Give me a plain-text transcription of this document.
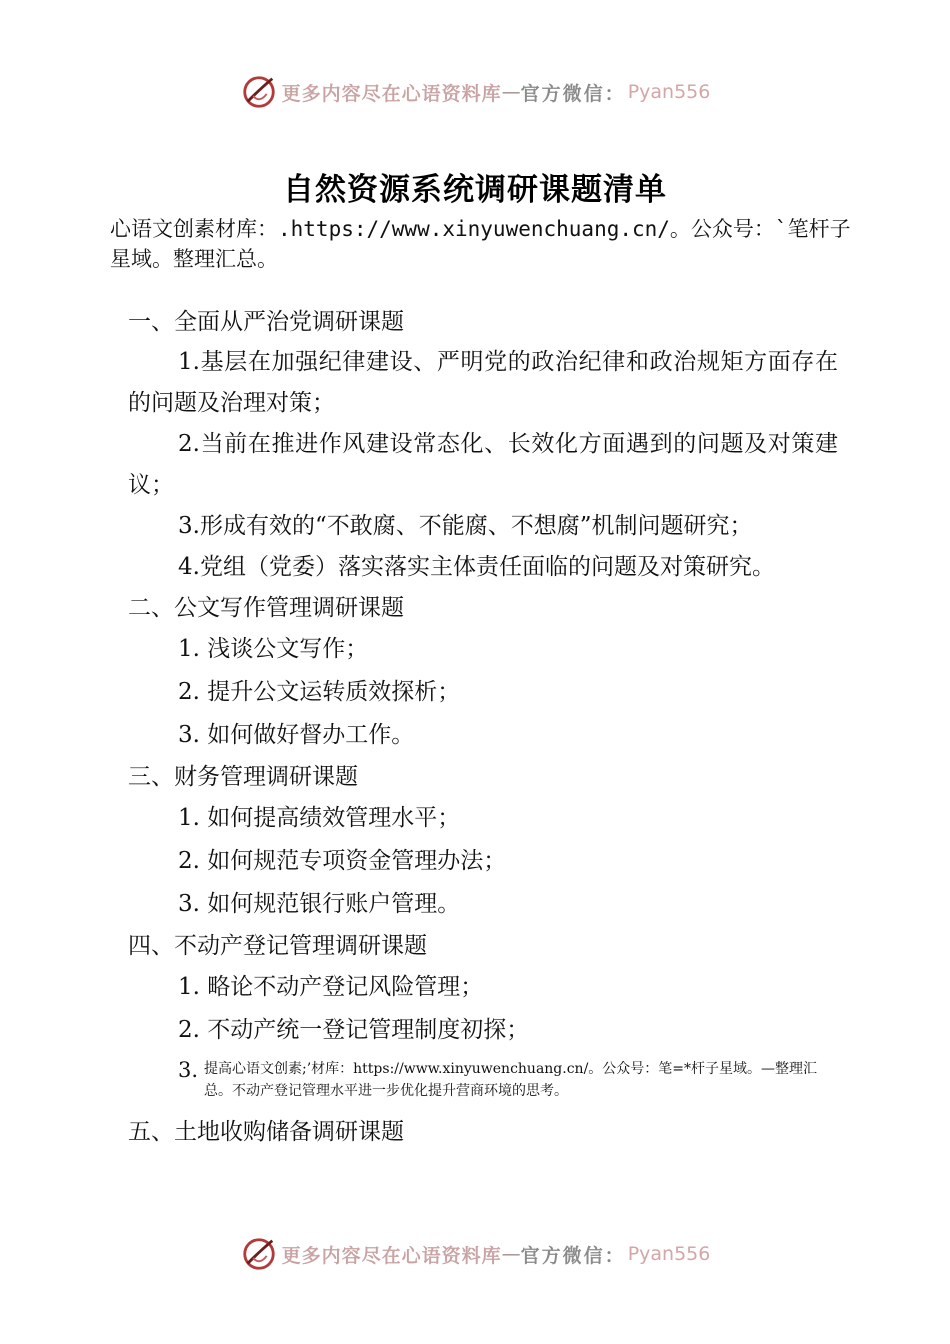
更多内容尽在心语资料库 — 官方微信： Pyan556
自然资源系统调研课题清单
心语文创素材库：.https://www.xinyuwenchuang.cn/。公众号：`笔杆子星域。整理汇总。

一、全面从严治党调研课题

1.基层在加强纪律建设、严明党的政治纪律和政治规矩方面存在的问题及治理对策；

2.当前在推进作风建设常态化、长效化方面遇到的问题及对策建议；

3.形成有效的“不敢腐、不能腐、不想腐”机制问题研究；

4.党组（党委）落实落实主体责任面临的问题及对策研究。

二、公文写作管理调研课题

1. 浅谈公文写作；

2. 提升公文运转质效探析；

3. 如何做好督办工作。

三、财务管理调研课题

1. 如何提高绩效管理水平；

2. 如何规范专项资金管理办法；

3. 如何规范银行账户管理。

四、不动产登记管理调研课题

1. 略论不动产登记风险管理；

2. 不动产统一登记管理制度初探；

3. 提高心语文创素;’材库：https://www.xinyuwenchuang.cn/。公众号：笔=*杆子星域。—整理汇总。不动产登记管理水平进一步优化提升营商环境的思考。

五、土地收购储备调研课题

更多内容尽在心语资料库 — 官方微信： Pyan556
